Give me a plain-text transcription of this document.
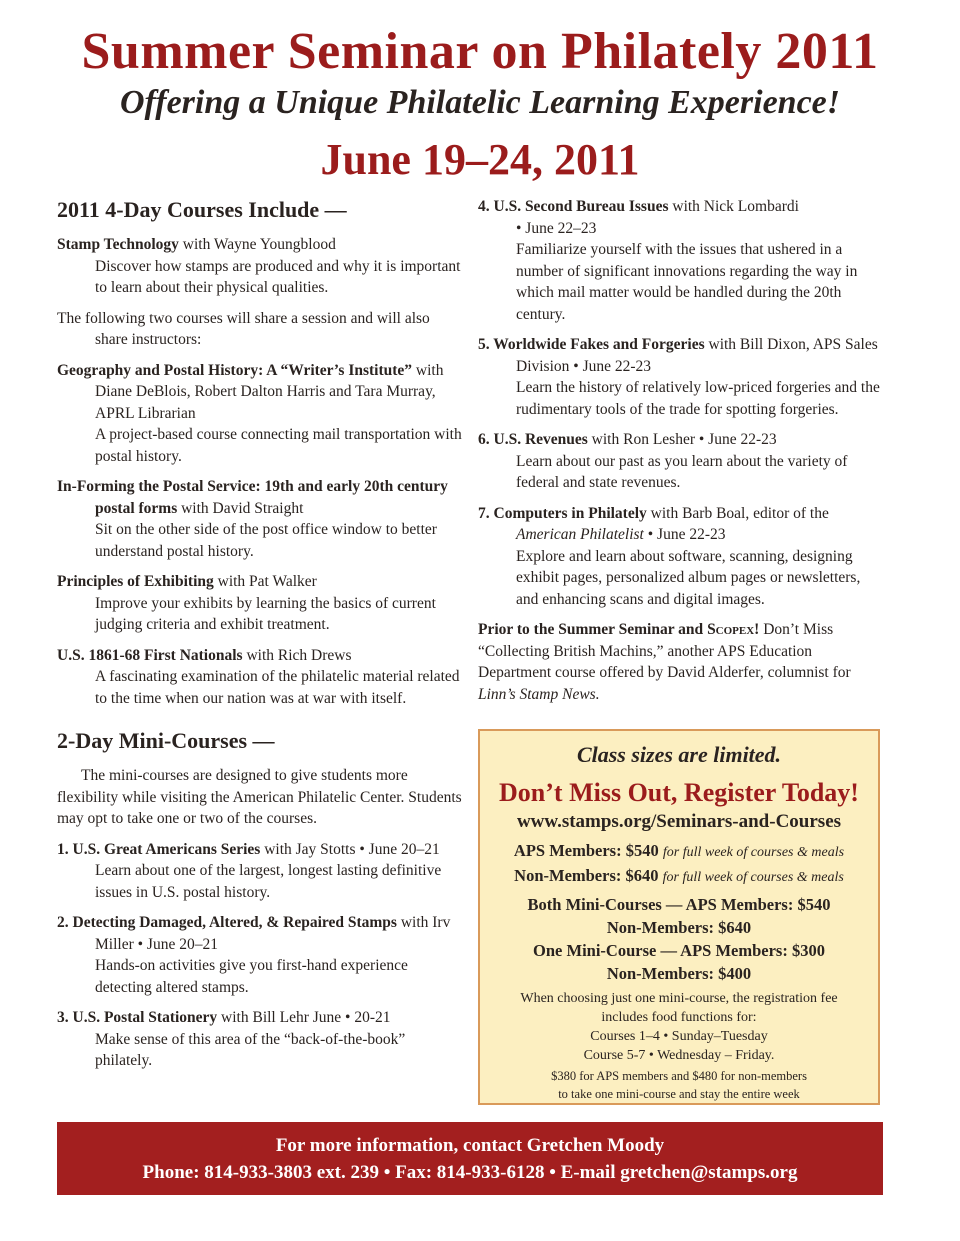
Summer Seminar on Philately 2011
Offering a Unique Philatelic Learning Experience!
June 19–24, 2011
2011 4-Day Courses Include —
Stamp Technology with Wayne Youngblood
Discover how stamps are produced and why it is important to learn about their physical qualities.
The following two courses will share a session and will also share instructors:
Geography and Postal History: A “Writer’s Institute” with Diane DeBlois, Robert Dalton Harris and Tara Murray, APRL Librarian
A project-based course connecting mail transportation with postal history.
In-Forming the Postal Service: 19th and early 20th century postal forms with David Straight
Sit on the other side of the post office window to better understand postal history.
Principles of Exhibiting with Pat Walker
Improve your exhibits by learning the basics of current judging criteria and exhibit treatment.
U.S. 1861-68 First Nationals with Rich Drews
A fascinating examination of the philatelic material related to the time when our nation was at war with itself.
2-Day Mini-Courses —
The mini-courses are designed to give students more flexibility while visiting the American Philatelic Center. Students may opt to take one or two of the courses.
1. U.S. Great Americans Series with Jay Stotts • June 20–21
Learn about one of the largest, longest lasting definitive issues in U.S. postal history.
2. Detecting Damaged, Altered, & Repaired Stamps with Irv Miller • June 20–21
Hands-on activities give you first-hand experience detecting altered stamps.
3. U.S. Postal Stationery with Bill Lehr June • 20-21
Make sense of this area of the “back-of-the-book” philately.
4. U.S. Second Bureau Issues with Nick Lombardi
• June 22–23
Familiarize yourself with the issues that ushered in a number of significant innovations regarding the way in which mail matter would be handled during the 20th century.
5. Worldwide Fakes and Forgeries with Bill Dixon, APS Sales Division • June 22-23
Learn the history of relatively low-priced forgeries and the rudimentary tools of the trade for spotting forgeries.
6. U.S. Revenues with Ron Lesher • June 22-23
Learn about our past as you learn about the variety of federal and state revenues.
7. Computers in Philately with Barb Boal, editor of the
American Philatelist • June 22-23
Explore and learn about software, scanning, designing exhibit pages, personalized album pages or newsletters, and enhancing scans and digital images.
Prior to the Summer Seminar and Scopex! Don’t Miss “Collecting British Machins,” another APS Education Department course offered by David Alderfer, columnist for Linn’s Stamp News.
Class sizes are limited.
Don’t Miss Out, Register Today!
www.stamps.org/Seminars-and-Courses
APS Members: $540 for full week of courses & meals
Non-Members: $640 for full week of courses & meals
Both Mini-Courses — APS Members: $540
Non-Members: $640
One Mini-Course — APS Members: $300
Non-Members: $400
When choosing just one mini-course, the registration fee includes food functions for:
Courses 1–4 • Sunday–Tuesday
Course 5-7 • Wednesday – Friday.
$380 for APS members and $480 for non-members
to take one mini-course and stay the entire week
For more information, contact Gretchen Moody
Phone: 814-933-3803 ext. 239 • Fax: 814-933-6128 • E-mail gretchen@stamps.org
